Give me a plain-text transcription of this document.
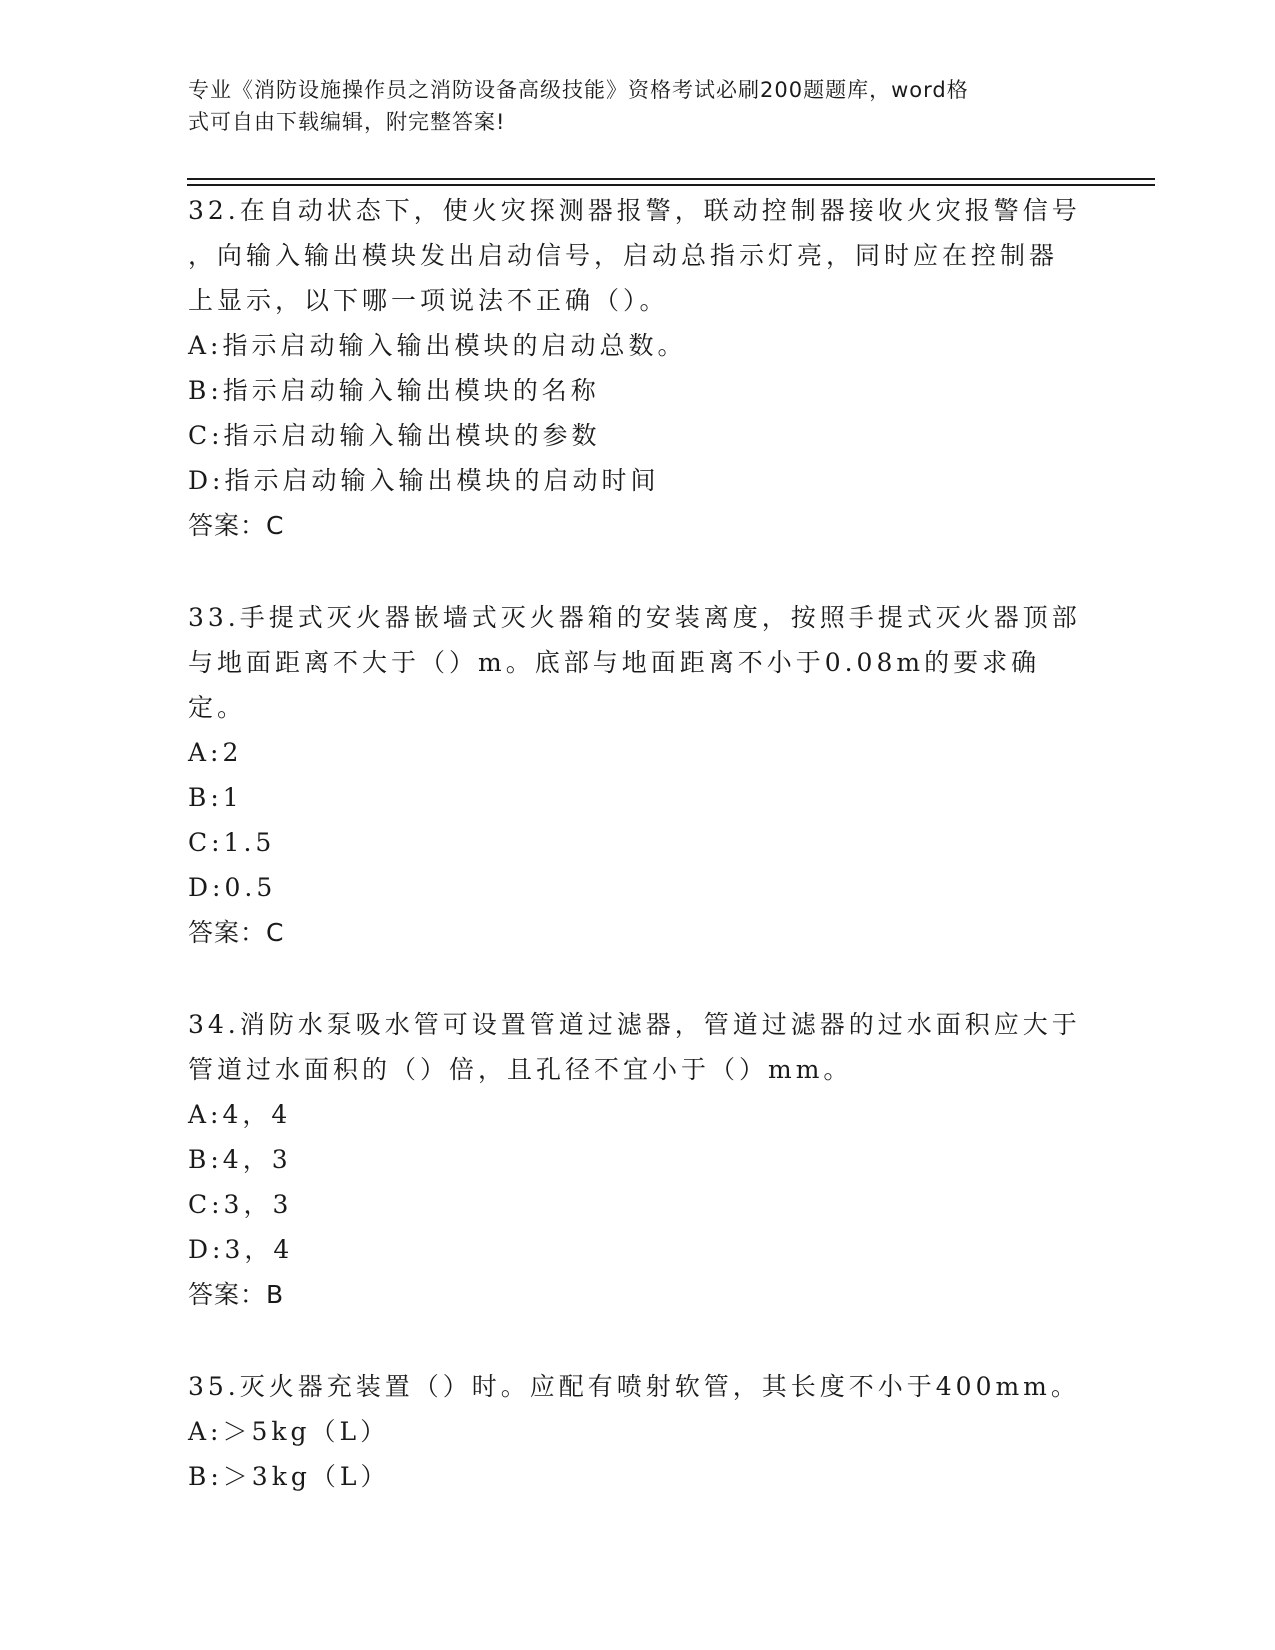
专业《消防设施操作员之消防设备高级技能》资格考试必刷200题题库，word格
式可自由下载编辑，附完整答案!
32.在自动状态下，使火灾探测器报警，联动控制器接收火灾报警信号
，向输入输出模块发出启动信号，启动总指示灯亮，同时应在控制器
上显示，以下哪一项说法不正确（）。
A:指示启动输入输出模块的启动总数。
B:指示启动输入输出模块的名称
C:指示启动输入输出模块的参数
D:指示启动输入输出模块的启动时间
答案：C
33.手提式灭火器嵌墙式灭火器箱的安装离度，按照手提式灭火器顶部
与地面距离不大于（）m。底部与地面距离不小于0.08m的要求确定。
A:2
B:1
C:1.5
D:0.5
答案：C
34.消防水泵吸水管可设置管道过滤器，管道过滤器的过水面积应大于
管道过水面积的（）倍，且孔径不宜小于（）mm。
A:4，4
B:4，3
C:3，3
D:3，4
答案：B
35.灭火器充装置（）时。应配有喷射软管，其长度不小于400mm。
A:＞5kg（L）
B:＞3kg（L）
